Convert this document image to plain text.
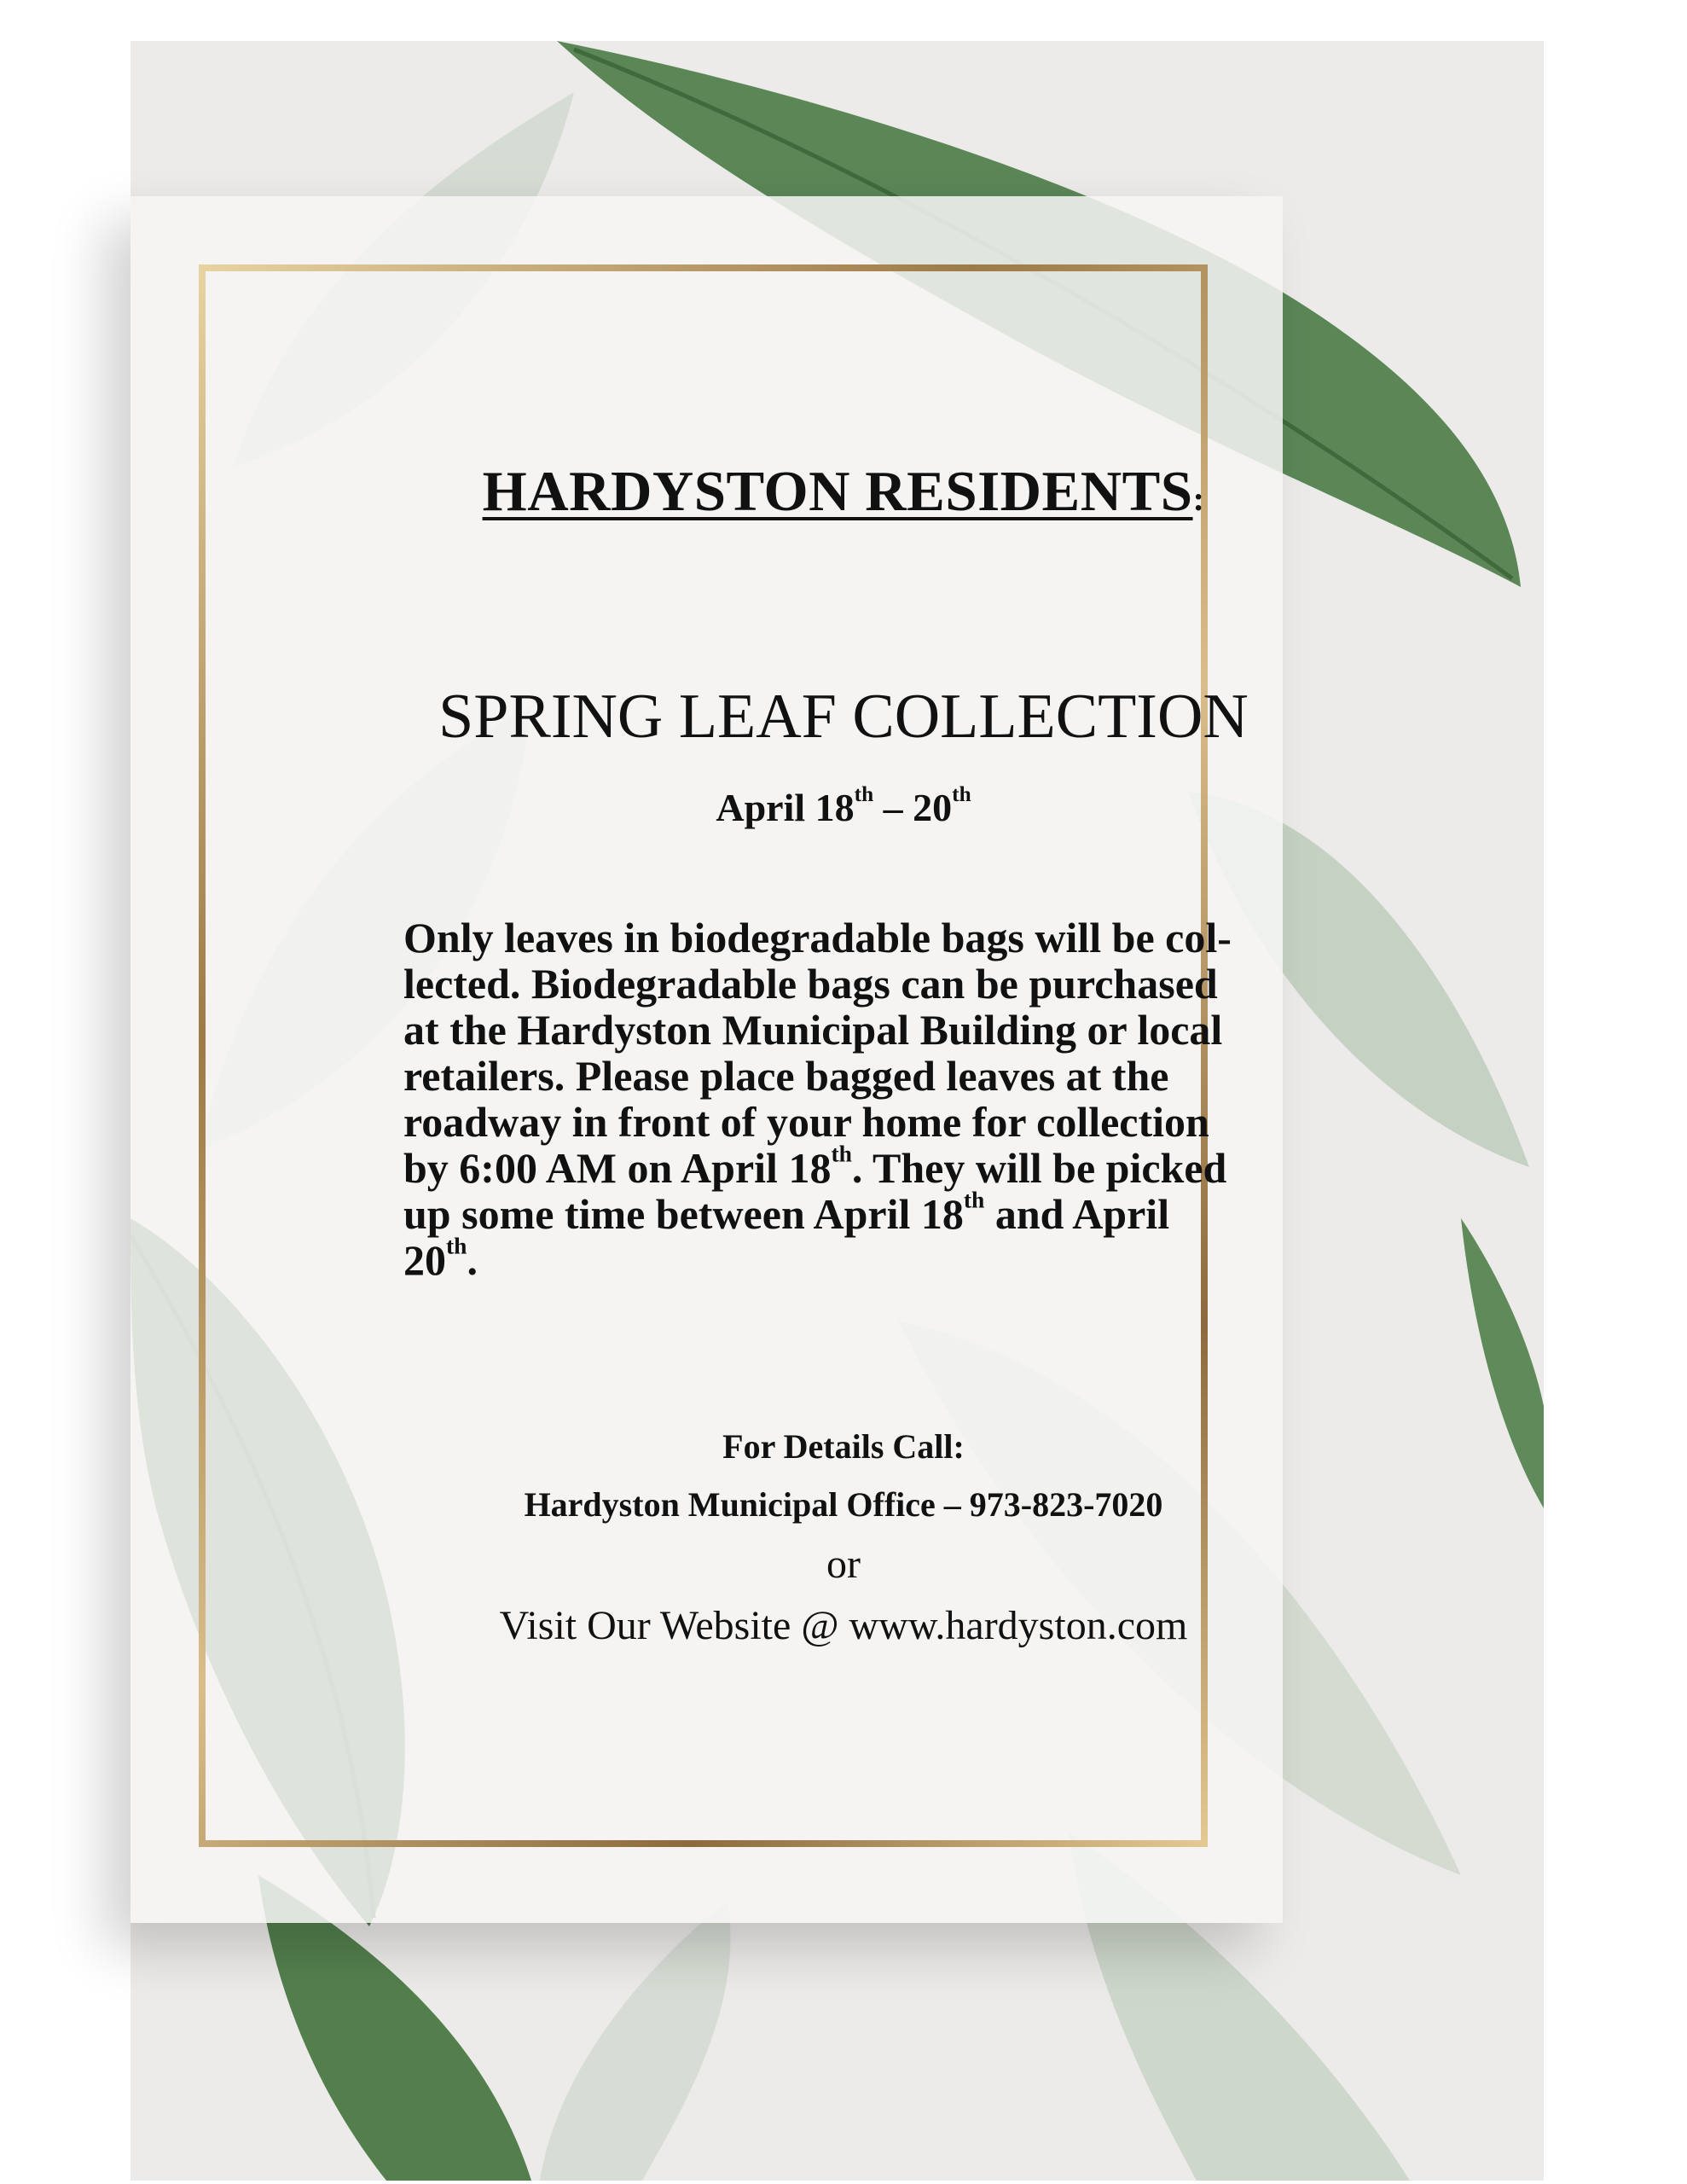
HARDYSTON RESIDENTS:
SPRING LEAF COLLECTION
April 18th – 20th

Only leaves in biodegradable bags will be col-

lected. Biodegradable bags can be purchased

at the Hardyston Municipal Building or local

retailers. Please place bagged leaves at the

roadway in front of your home for collection

by 6:00 AM on April 18th. They will be picked

up some time between April 18th and April

20th.

For Details Call:
Hardyston Municipal Office – 973-823-7020
or
Visit Our Website @ www.hardyston.com
